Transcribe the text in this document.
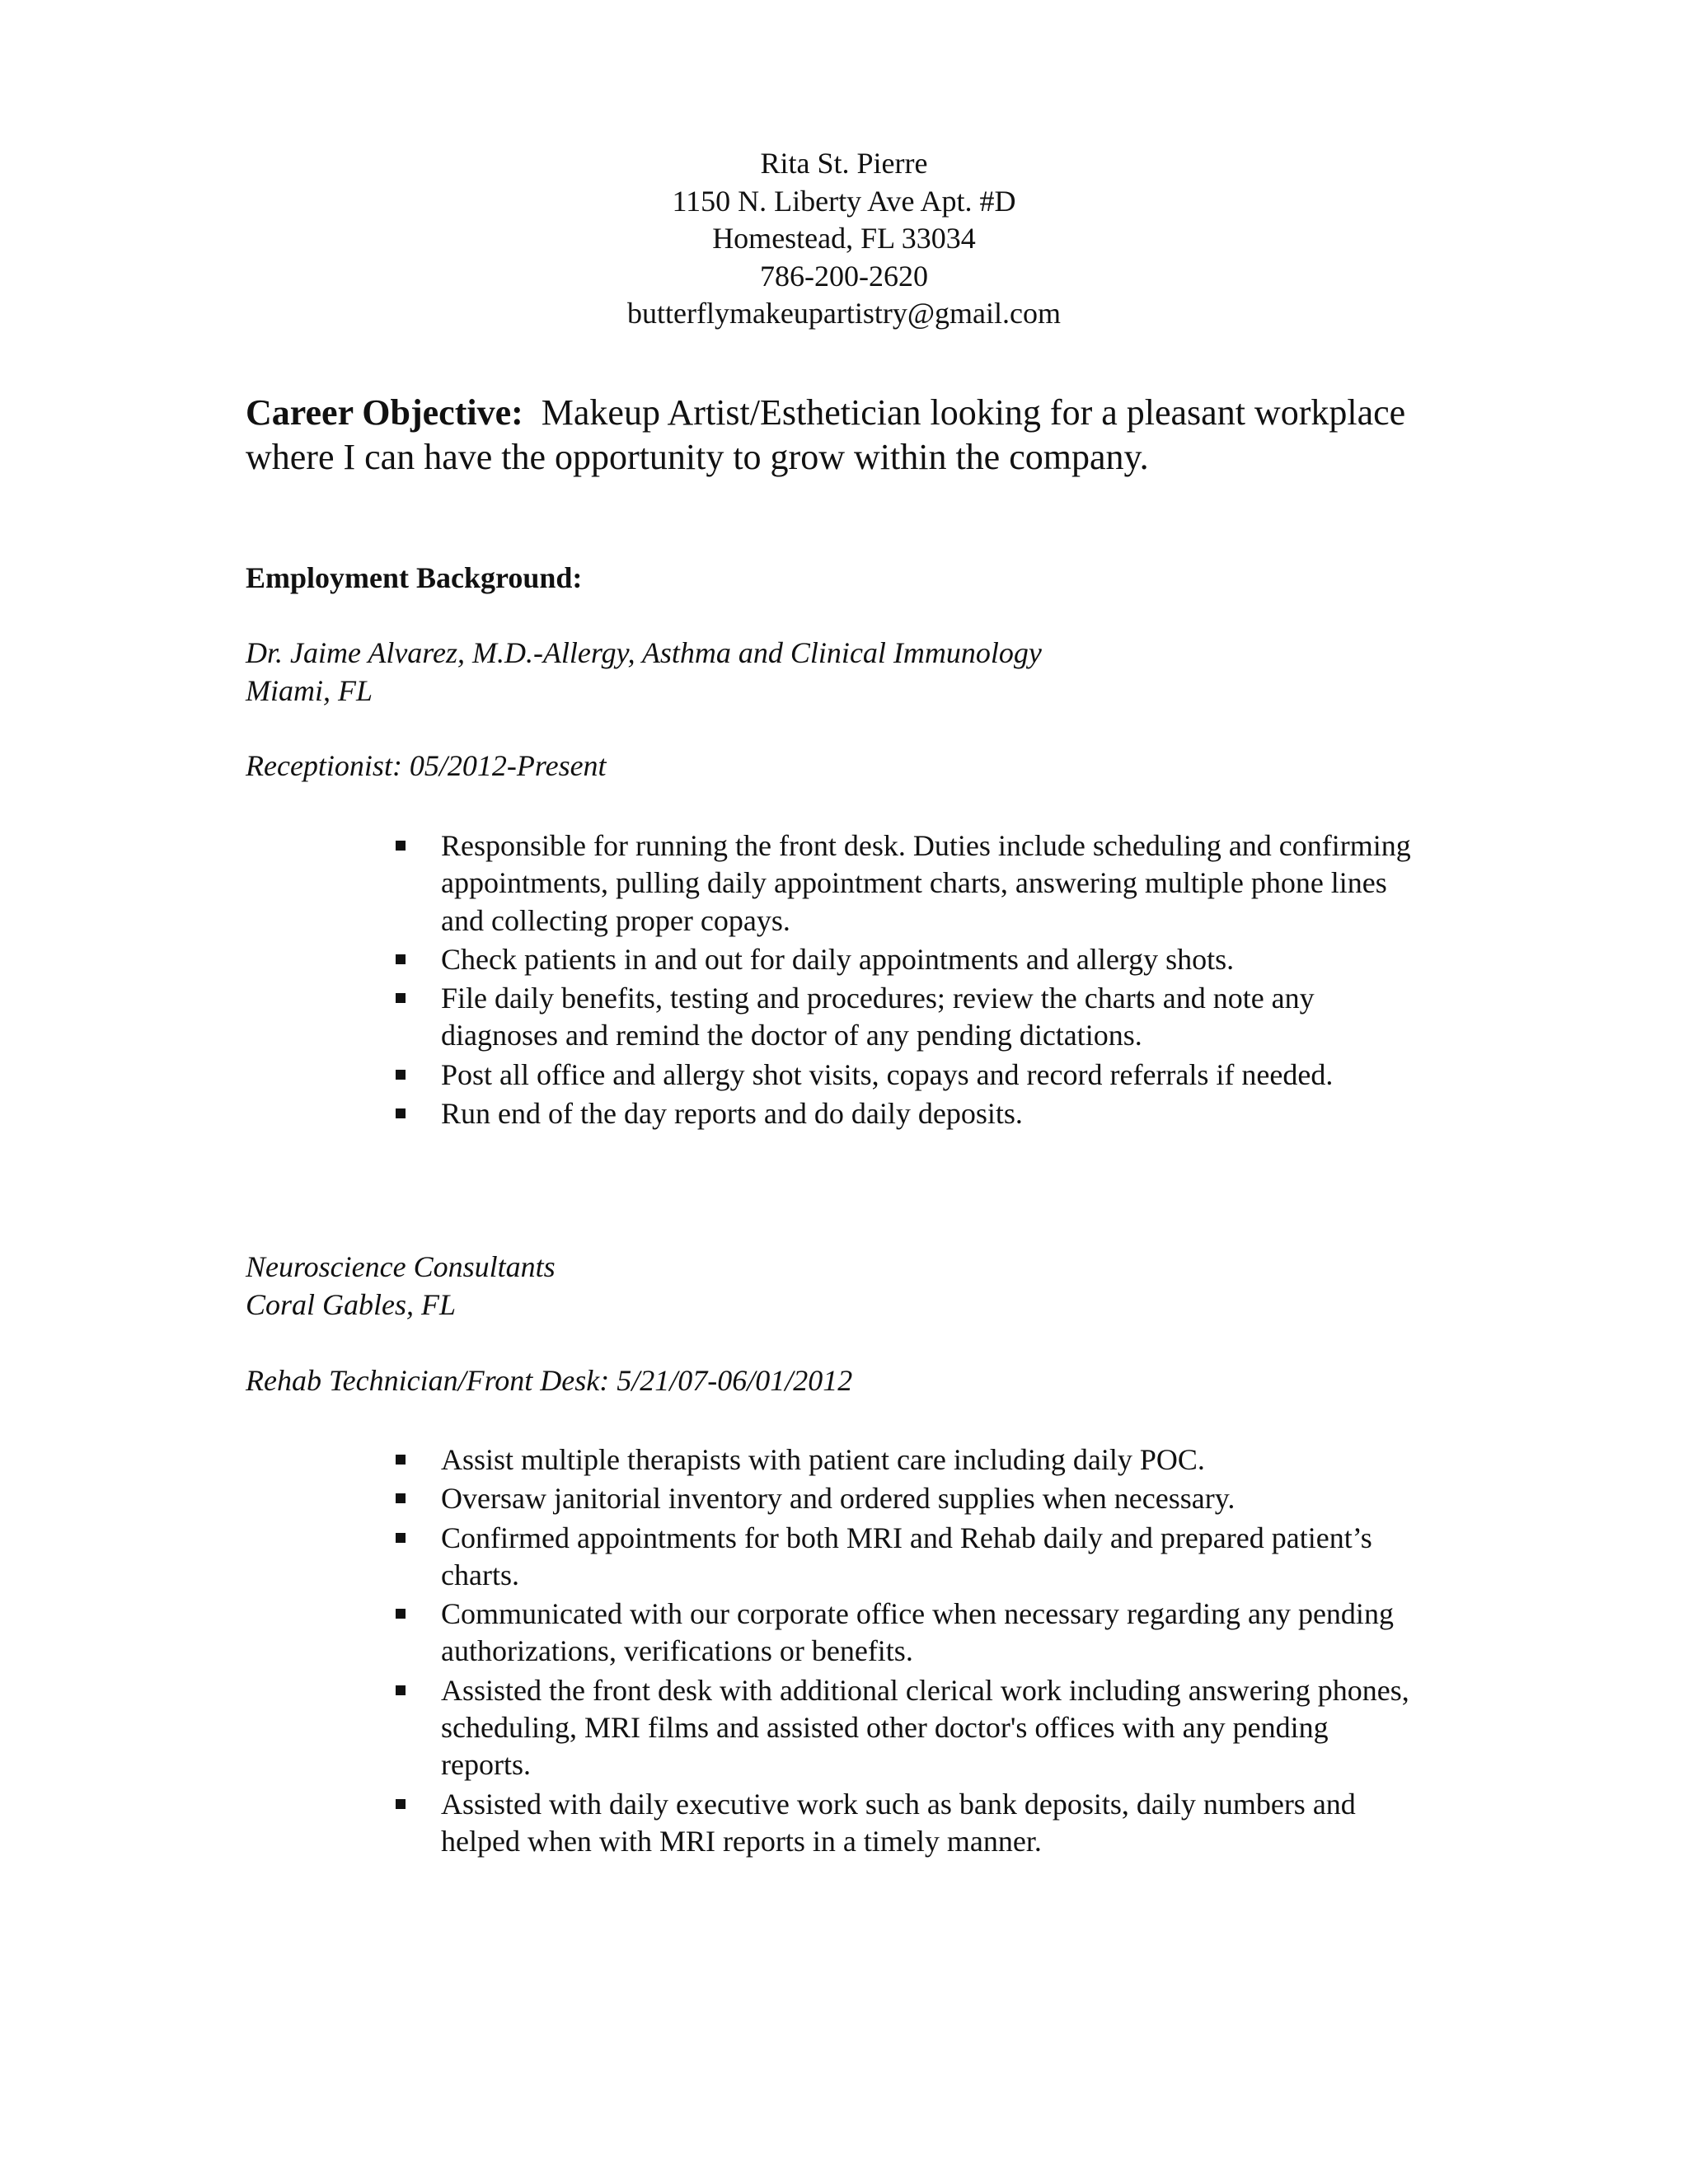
Rita St. Pierre
1150 N. Liberty Ave Apt. #D
Homestead, FL 33034
786-200-2620
butterflymakeupartistry@gmail.com
Career Objective: Makeup Artist/Esthetician looking for a pleasant workplace where I can have the opportunity to grow within the company.
Employment Background:
Dr. Jaime Alvarez, M.D.-Allergy, Asthma and Clinical Immunology
Miami, FL
Receptionist: 05/2012-Present
Responsible for running the front desk. Duties include scheduling and confirming appointments, pulling daily appointment charts, answering multiple phone lines and collecting proper copays.
Check patients in and out for daily appointments and allergy shots.
File daily benefits, testing and procedures; review the charts and note any diagnoses and remind the doctor of any pending dictations.
Post all office and allergy shot visits, copays and record referrals if needed.
Run end of the day reports and do daily deposits.
Neuroscience Consultants
Coral Gables, FL
Rehab Technician/Front Desk: 5/21/07-06/01/2012
Assist multiple therapists with patient care including daily POC.
Oversaw janitorial inventory and ordered supplies when necessary.
Confirmed appointments for both MRI and Rehab daily and prepared patient’s charts.
Communicated with our corporate office when necessary regarding any pending authorizations, verifications or benefits.
Assisted the front desk with additional clerical work including answering phones, scheduling, MRI films and assisted other doctor's offices with any pending reports.
Assisted with daily executive work such as bank deposits, daily numbers and helped when with MRI reports in a timely manner.
